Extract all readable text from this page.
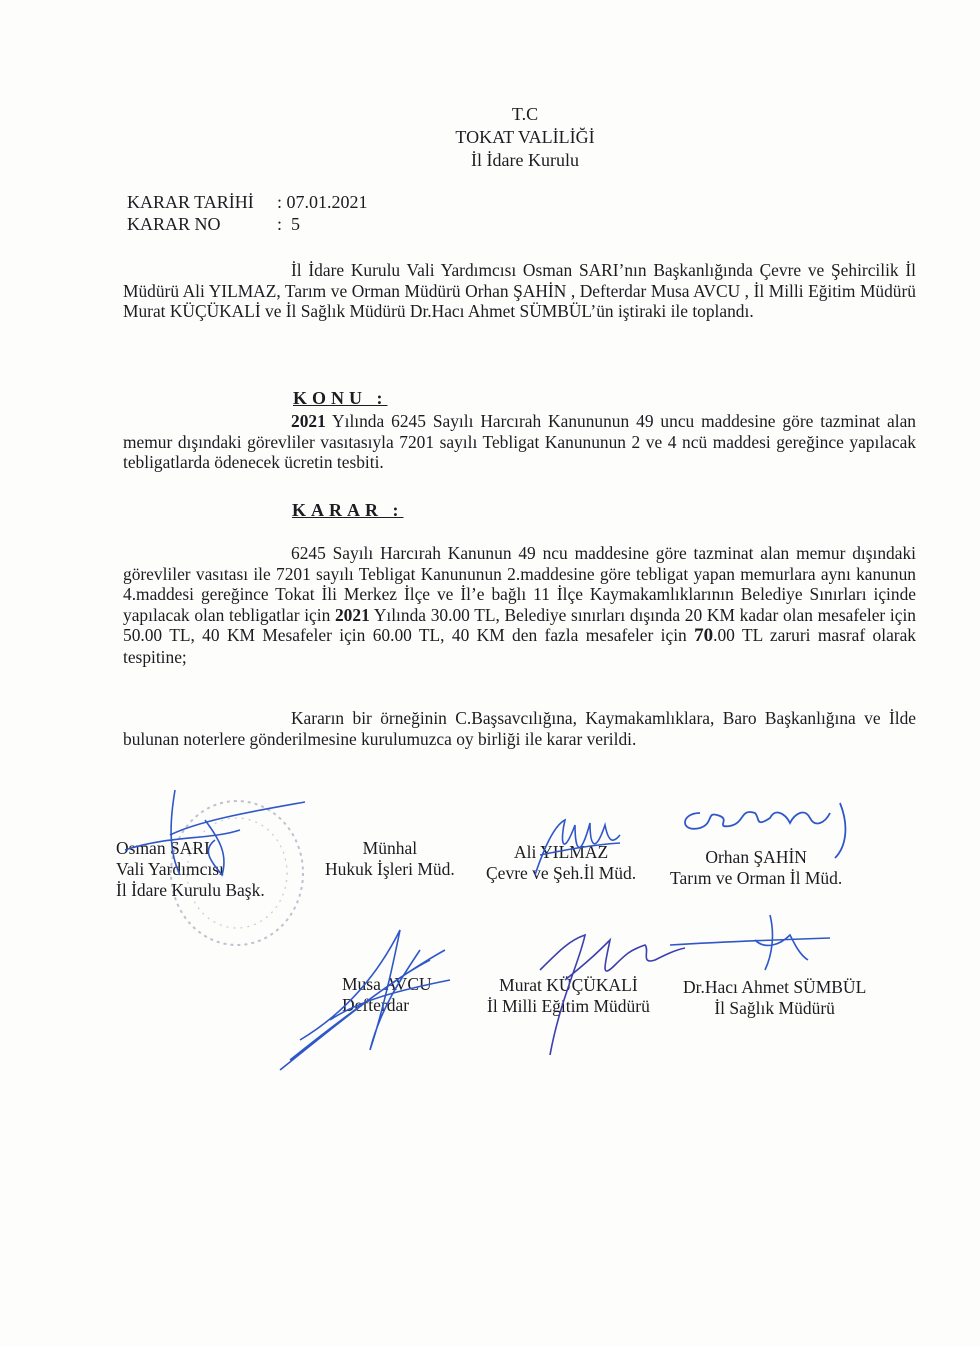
T.C
TOKAT VALİLİĞİ
İl İdare Kurulu
KARAR TARİHİ : 07.01.2021
KARAR NO	:  5

İl İdare Kurulu Vali Yardımcısı Osman SARI’nın Başkanlığında Çevre ve Şehircilik İl Müdürü Ali YILMAZ, Tarım ve Orman Müdürü Orhan ŞAHİN , Defterdar Musa AVCU , İl Milli Eğitim Müdürü Murat KÜÇÜKALİ ve İl Sağlık Müdürü Dr.Hacı Ahmet SÜMBÜL’ün iştiraki ile toplandı.

KONU :

2021 Yılında 6245 Sayılı Harcırah Kanununun 49 uncu maddesine göre tazminat alan memur dışındaki görevliler vasıtasıyla 7201 sayılı Tebligat Kanununun 2 ve 4 ncü maddesi gereğince yapılacak tebligatlarda ödenecek ücretin tesbiti.

KARAR :

6245 Sayılı Harcırah Kanunun 49 ncu maddesine göre tazminat alan memur dışındaki görevliler vasıtası ile 7201 sayılı Tebligat Kanununun 2.maddesine göre tebligat yapan memurlara aynı kanunun 4.maddesi gereğince Tokat İli Merkez İlçe ve İl’e bağlı 11 İlçe Kaymakamlıklarının Belediye Sınırları içinde yapılacak olan tebligatlar için 2021 Yılında 30.00 TL, Belediye sınırları dışında 20 KM kadar olan mesafeler için 50.00 TL, 40 KM Mesafeler için 60.00 TL, 40 KM den fazla mesafeler için 70.00 TL zaruri masraf olarak tespitine;

Kararın bir örneğinin C.Başsavcılığına, Kaymakamlıklara, Baro Başkanlığına ve İlde bulunan noterlere gönderilmesine kurulumuzca oy birliği ile karar verildi.

Osman SARI
Vali Yardımcısı
İl İdare Kurulu Başk.
Münhal
Hukuk İşleri Müd.
Ali YILMAZ
Çevre ve Şeh.İl Müd.
Orhan ŞAHİN
Tarım ve Orman İl Müd.
Musa AVCU
Defterdar
Murat KÜÇÜKALİ
İl Milli Eğitim Müdürü
Dr.Hacı Ahmet SÜMBÜL
İl Sağlık Müdürü
